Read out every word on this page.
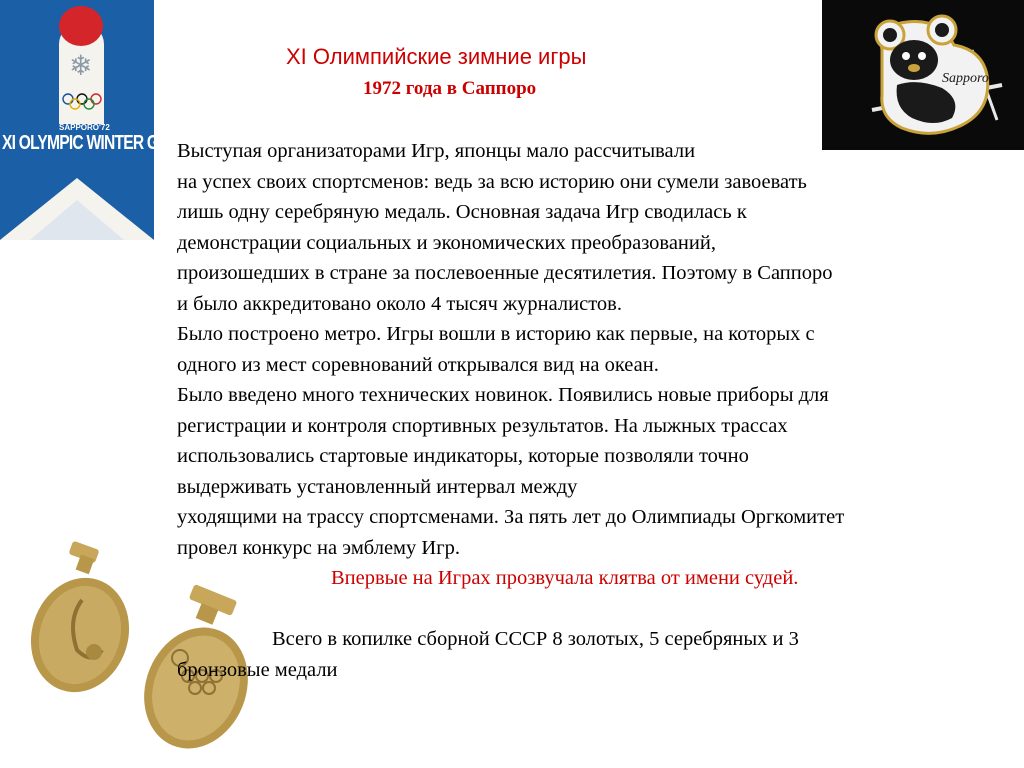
❄
SAPPORO'72
XI OLYMPIC WINTER GAMES
Sapporo
XI Олимпийские зимние игры
1972 года в Саппоро
Выступая организаторами Игр, японцы мало рассчитывали
на успех своих спортсменов: ведь за всю историю они сумели завоевать
лишь одну серебряную медаль. Основная задача Игр сводилась к
демонстрации социальных и экономических преобразований,
произошедших в стране за послевоенные десятилетия. Поэтому в Саппоро
и было аккредитовано около 4 тысяч журналистов.
Было построено метро. Игры вошли в историю как первые, на которых с
одного из мест соревнований открывался вид на океан.
Было введено много технических новинок. Появились новые приборы для
регистрации и контроля спортивных результатов. На лыжных трассах
использовались стартовые индикаторы, которые позволяли точно
выдерживать установленный интервал между
уходящими на трассу спортсменами. За пять лет до Олимпиады Оргкомитет
провел конкурс на эмблему Игр.
Впервые на Играх прозвучала клятва от имени судей.
Всего в копилке сборной СССР 8 золотых, 5 серебряных и 3
бронзовые медали
